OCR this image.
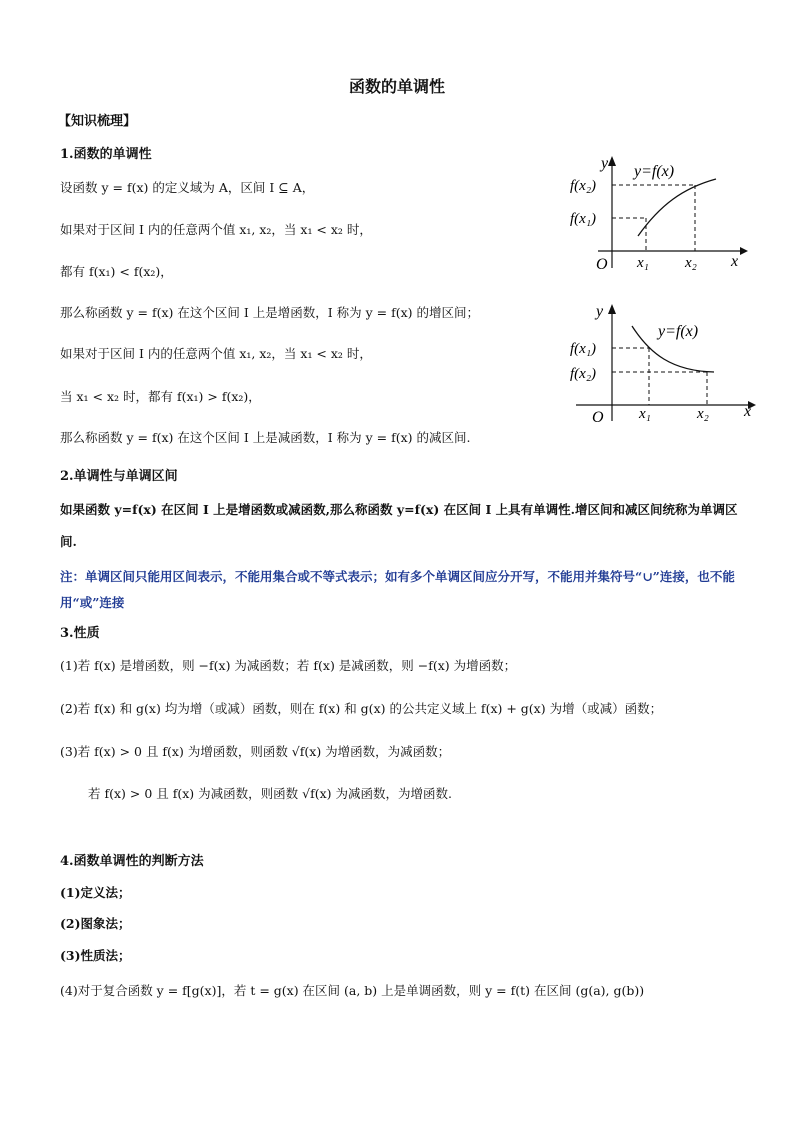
函数的单调性
【知识梳理】
1.函数的单调性
设函数 y = f(x) 的定义域为 A，区间 I ⊆ A，
如果对于区间 I 内的任意两个值 x₁, x₂，当 x₁ < x₂ 时，
都有 f(x₁) < f(x₂)，
那么称函数 y = f(x) 在这个区间 I 上是增函数，I 称为 y = f(x) 的增区间；
如果对于区间 I 内的任意两个值 x₁, x₂，当 x₁ < x₂ 时，
当 x₁ < x₂ 时，都有 f(x₁) > f(x₂)，
那么称函数 y = f(x) 在这个区间 I 上是减函数，I 称为 y = f(x) 的减区间.
y
x
O
y=f(x)
x₁ x₂
f(x₁)
f(x₂)
y
x
O
y=f(x)
x₁	x₂
f(x₁)
f(x₂)
2.单调性与单调区间
如果函数 y=f(x) 在区间 I 上是增函数或减函数,那么称函数 y=f(x) 在区间 I 上具有单调性.增区间和减区间统称为单调区间.
注：单调区间只能用区间表示，不能用集合或不等式表示；如有多个单调区间应分开写，不能用并集符号“∪”连接，也不能用“或”连接
3.性质
(1)若 f(x) 是增函数，则 −f(x) 为减函数；若 f(x) 是减函数，则 −f(x) 为增函数；
(2)若 f(x) 和 g(x) 均为增（或减）函数，则在 f(x) 和 g(x) 的公共定义域上 f(x) + g(x) 为增（或减）函数；
(3)若 f(x) > 0 且 f(x) 为增函数，则函数 √f(x) 为增函数，为减函数；
若 f(x) > 0 且 f(x) 为减函数，则函数 √f(x) 为减函数，为增函数.
4.函数单调性的判断方法
(1)定义法；
(2)图象法；
(3)性质法；
(4)对于复合函数 y = f[g(x)]，若 t = g(x) 在区间 (a, b) 上是单调函数，则 y = f(t) 在区间 (g(a), g(b))
